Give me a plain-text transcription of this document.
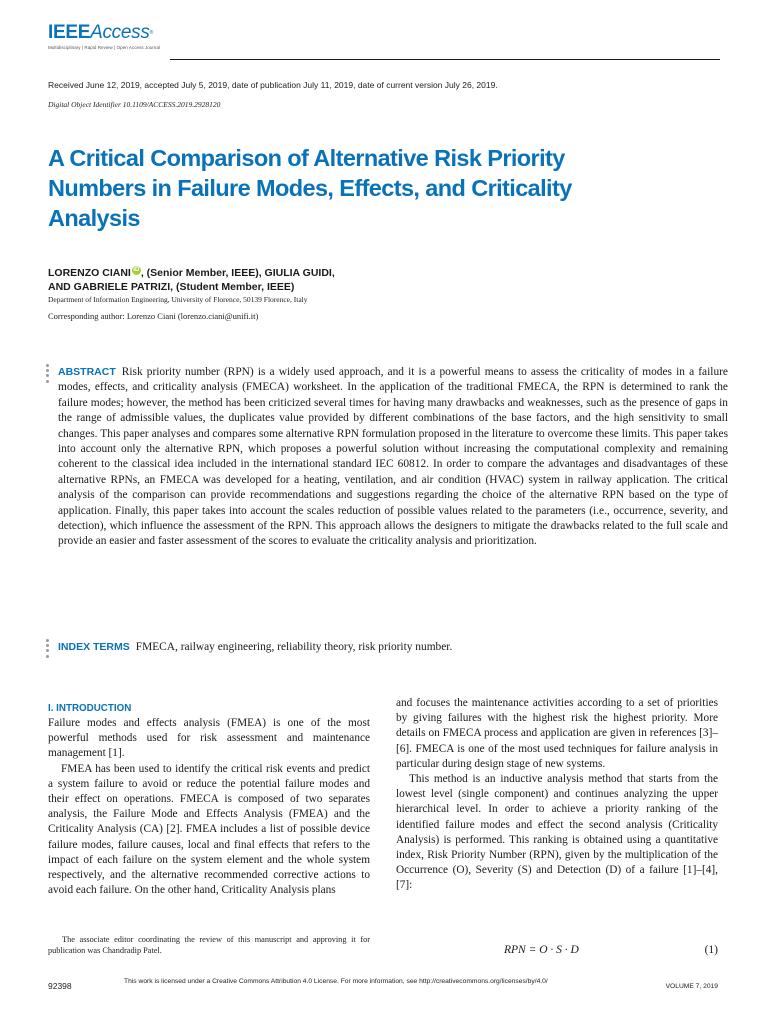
IEEEAccess®
Multidisciplinary | Rapid Review | Open Access Journal
Received June 12, 2019, accepted July 5, 2019, date of publication July 11, 2019, date of current version July 26, 2019.
Digital Object Identifier 10.1109/ACCESS.2019.2928120
A Critical Comparison of Alternative Risk Priority Numbers in Failure Modes, Effects, and Criticality Analysis
LORENZO CIANI iD , (Senior Member, IEEE), GIULIA GUIDI,
AND GABRIELE PATRIZI, (Student Member, IEEE)
Department of Information Engineering, University of Florence, 50139 Florence, Italy
Corresponding author: Lorenzo Ciani (lorenzo.ciani@unifi.it)
ABSTRACT Risk priority number (RPN) is a widely used approach, and it is a powerful means to assess the criticality of modes in a failure modes, effects, and criticality analysis (FMECA) worksheet. In the application of the traditional FMECA, the RPN is determined to rank the failure modes; however, the method has been criticized several times for having many drawbacks and weaknesses, such as the presence of gaps in the range of admissible values, the duplicates value provided by different combinations of the base factors, and the high sensitivity to small changes. This paper analyses and compares some alternative RPN formulation proposed in the literature to overcome these limits. This paper takes into account only the alternative RPN, which proposes a powerful solution without increasing the computational complexity and remaining coherent to the classical idea included in the international standard IEC 60812. In order to compare the advantages and disadvantages of these alternative RPNs, an FMECA was developed for a heating, ventilation, and air condition (HVAC) system in railway application. The critical analysis of the comparison can provide recommendations and suggestions regarding the choice of the alternative RPN based on the type of application. Finally, this paper takes into account the scales reduction of possible values related to the parameters (i.e., occurrence, severity, and detection), which influence the assessment of the RPN. This approach allows the designers to mitigate the drawbacks related to the full scale and provide an easier and faster assessment of the scores to evaluate the criticality analysis and prioritization.
INDEX TERMS FMECA, railway engineering, reliability theory, risk priority number.
I. INTRODUCTION

Failure modes and effects analysis (FMEA) is one of the most powerful methods used for risk assessment and maintenance management [1].

FMEA has been used to identify the critical risk events and predict a system failure to avoid or reduce the potential failure modes and their effect on operations. FMECA is composed of two separates analysis, the Failure Mode and Effects Analysis (FMEA) and the Criticality Analysis (CA) [2]. FMEA includes a list of possible device failure modes, failure causes, local and final effects that refers to the impact of each failure on the system element and the whole system respectively, and the alternative recommended corrective actions to avoid each failure. On the other hand, Criticality Analysis plans

and focuses the maintenance activities according to a set of priorities by giving failures with the highest risk the highest priority. More details on FMECA process and application are given in references [3]–[6]. FMECA is one of the most used techniques for failure analysis in particular during design stage of new systems.

This method is an inductive analysis method that starts from the lowest level (single component) and continues analyzing the upper hierarchical level. In order to achieve a priority ranking of the identified failure modes and effect the second analysis (Criticality Analysis) is performed. This ranking is obtained using a quantitative index, Risk Priority Number (RPN), given by the multiplication of the Occurrence (O), Severity (S) and Detection (D) of a failure [1]–[4], [7]:

The associate editor coordinating the review of this manuscript and approving it for publication was Chandradip Patel.	RPN = O · S · D	(1)
92398	This work is licensed under a Creative Commons Attribution 4.0 License. For more information, see http://creativecommons.org/licenses/by/4.0/
VOLUME 7, 2019
